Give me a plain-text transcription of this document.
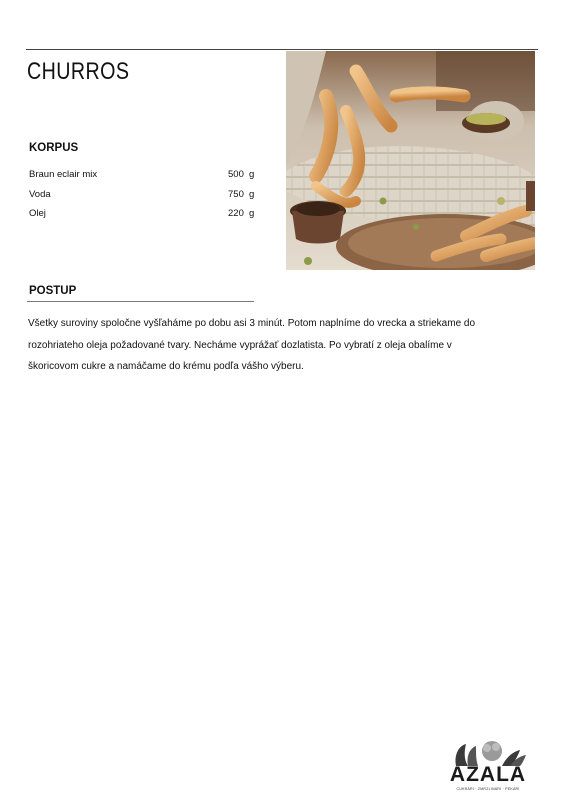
CHURROS
KORPUS
Braun eclair mix	500 g
Voda	750 g
Olej	220 g
POSTUP
Všetky suroviny spoločne vyšľaháme po dobu asi 3 minút. Potom naplníme do vrecka a striekame do
rozohriateho oleja požadované tvary. Necháme vyprážať dozlatista. Po vybratí z oleja obalíme v
škoricovom cukre a namáčame do krému podľa vášho výberu.
AZALA
CUKRÁRI · ZMRZLINÁRI · PEKÁRI
